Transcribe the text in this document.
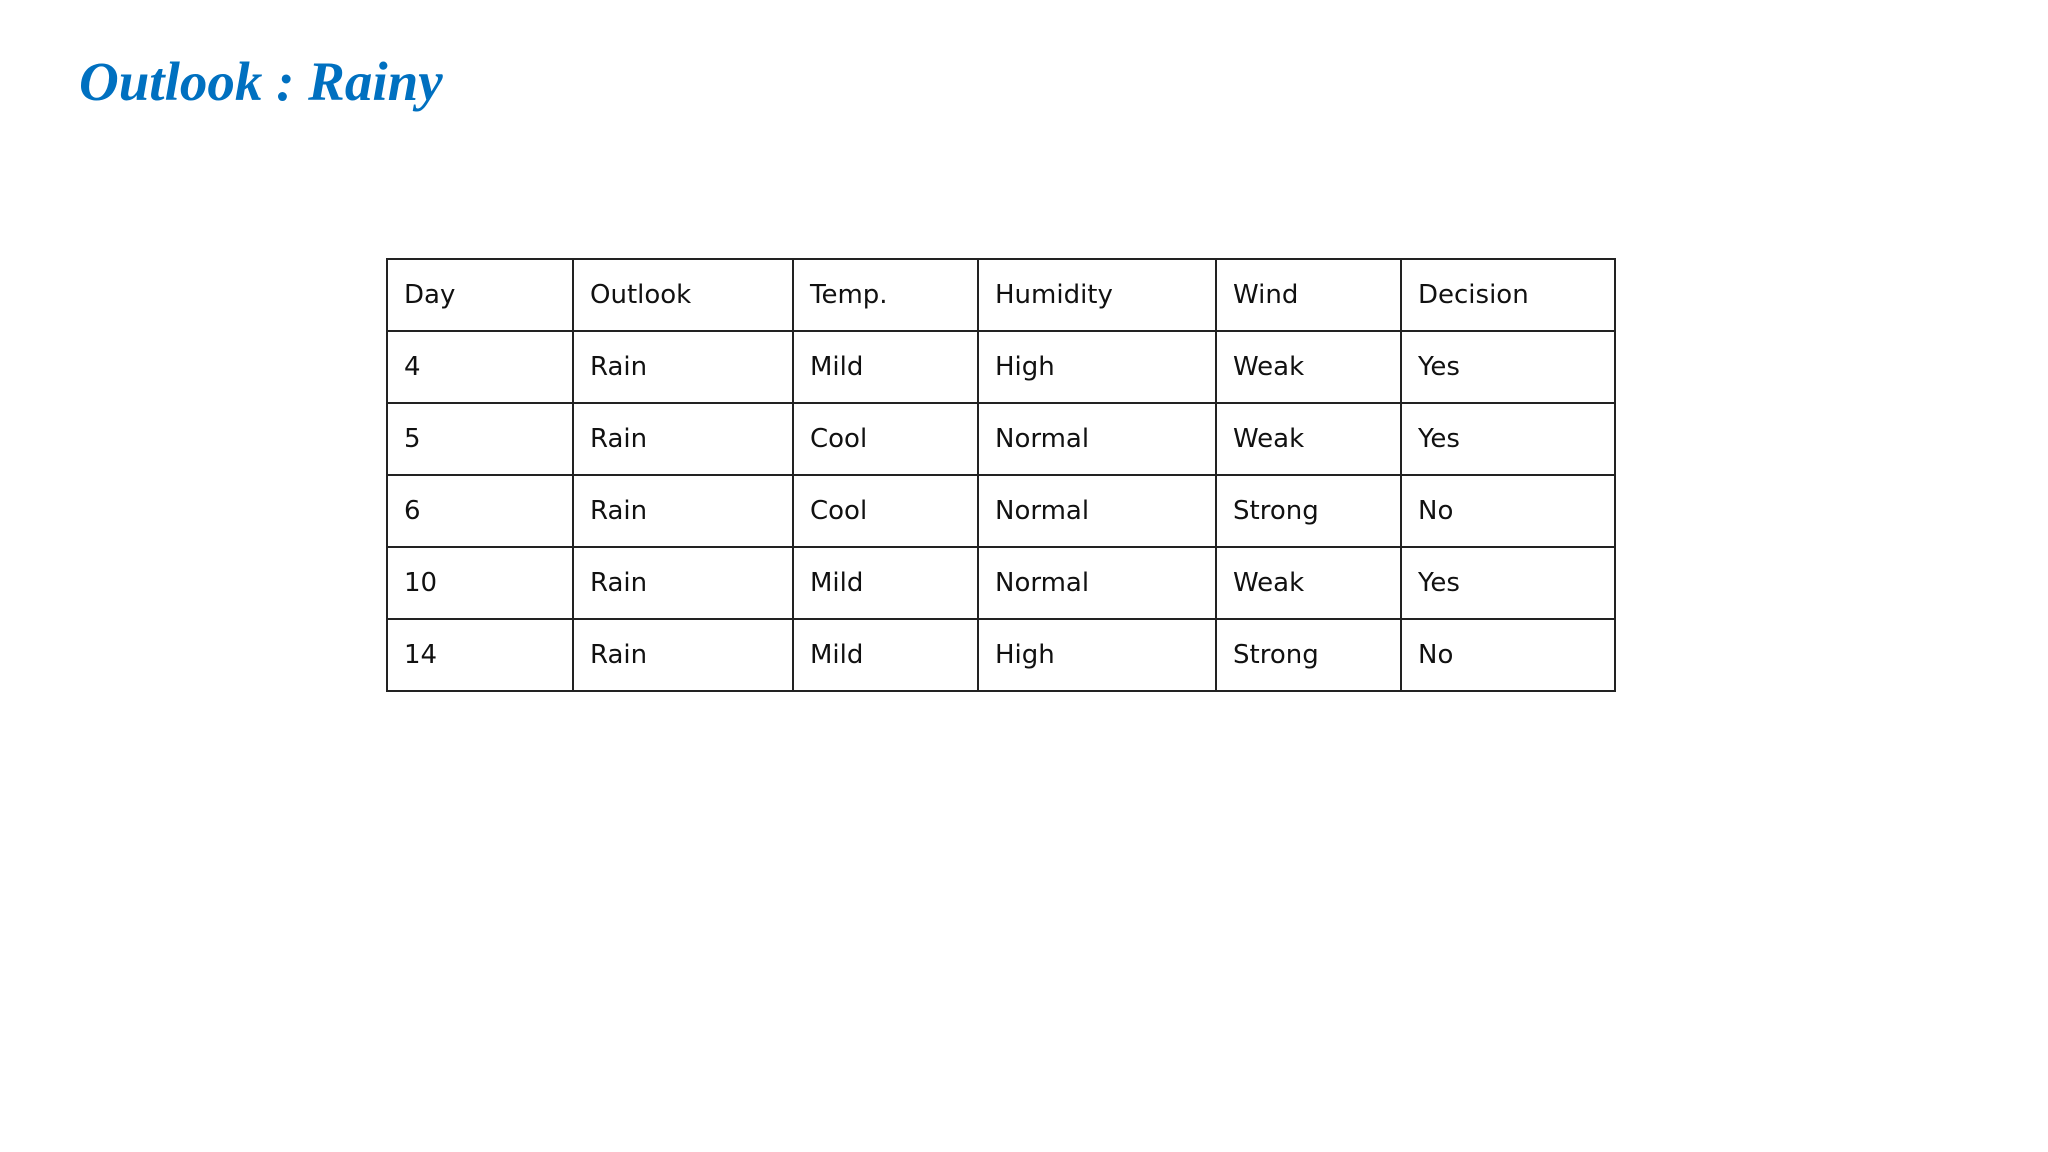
Outlook : Rainy
Day	Outlook	Temp.	Humidity	Wind	Decision
4	Rain	Mild	High	Weak	Yes
5	Rain	Cool	Normal	Weak	Yes
6	Rain	Cool	Normal	Strong	No
10	Rain	Mild	Normal	Weak	Yes
14	Rain	Mild	High	Strong	No
